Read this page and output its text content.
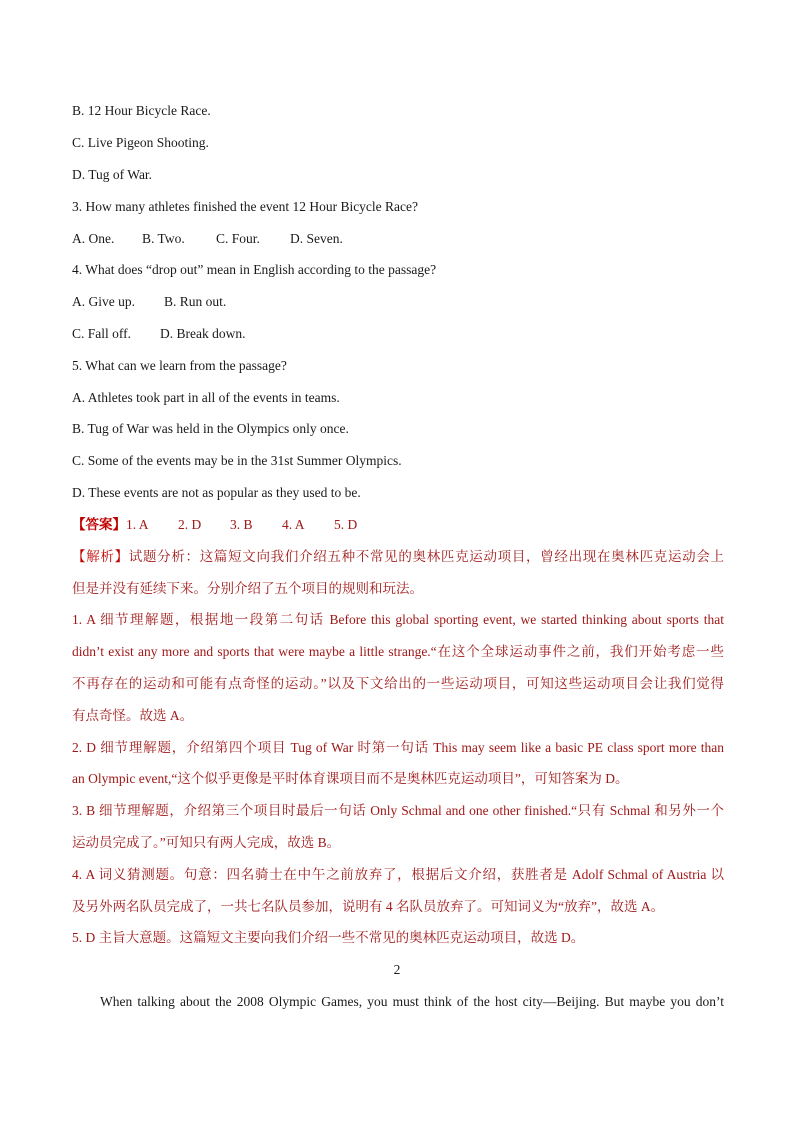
B. 12 Hour Bicycle Race.
C. Live Pigeon Shooting.
D. Tug of War.
3. How many athletes finished the event 12 Hour Bicycle Race?
A. One. B. Two. C. Four. D. Seven.
4. What does “drop out” mean in English according to the passage?
A. Give up. B. Run out.
C. Fall off. D. Break down.
5. What can we learn from the passage?
A. Athletes took part in all of the events in teams.
B. Tug of War was held in the Olympics only once.
C. Some of the events may be in the 31st Summer Olympics.
D. These events are not as popular as they used to be.
【答案】1. A 2. D 3. B 4. A 5. D
【解析】试题分析：这篇短文向我们介绍五种不常见的奥林匹克运动项目，曾经出现在奥林匹克运动会上
但是并没有延续下来。分别介绍了五个项目的规则和玩法。
1. A 细节理解题，根据地一段第二句话 Before this global sporting event, we started thinking about sports that
didn’t exist any more and sports that were maybe a little strange.“在这个全球运动事件之前，我们开始考虑一些
不再存在的运动和可能有点奇怪的运动。”以及下文给出的一些运动项目，可知这些运动项目会让我们觉得
有点奇怪。故选 A。
2. D 细节理解题，介绍第四个项目 Tug of War 时第一句话 This may seem like a basic PE class sport more than
an Olympic event,“这个似乎更像是平时体育课项目而不是奥林匹克运动项目”，可知答案为 D。
3. B 细节理解题，介绍第三个项目时最后一句话 Only Schmal and one other finished.“只有 Schmal 和另外一个
运动员完成了。”可知只有两人完成，故选 B。
4. A 词义猜测题。句意：四名骑士在中午之前放弃了，根据后文介绍，获胜者是 Adolf Schmal of Austria 以
及另外两名队员完成了，一共七名队员参加，说明有 4 名队员放弃了。可知词义为“放弃”，故选 A。
5. D 主旨大意题。这篇短文主要向我们介绍一些不常见的奥林匹克运动项目，故选 D。
2
When talking about the 2008 Olympic Games, you must think of the host city—Beijing. But maybe you don’t
